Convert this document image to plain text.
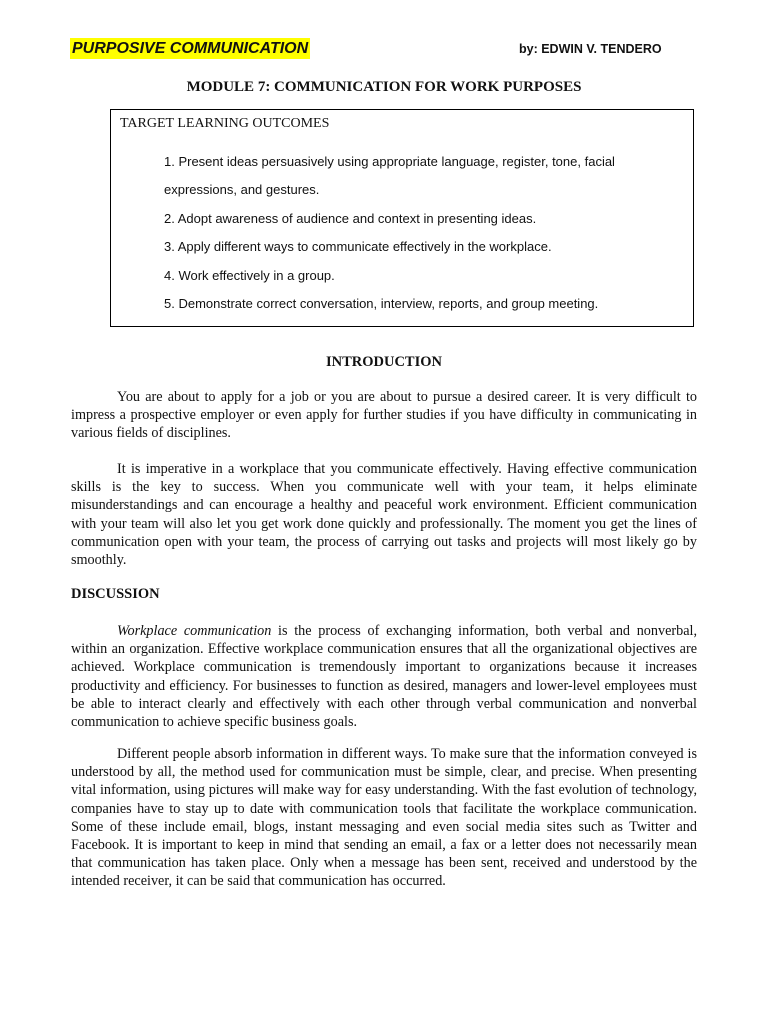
PURPOSIVE COMMUNICATION	by: EDWIN V. TENDERO
MODULE 7: COMMUNICATION FOR WORK PURPOSES
TARGET LEARNING OUTCOMES
1. Present ideas persuasively using appropriate language, register, tone, facial expressions, and gestures.
2. Adopt awareness of audience and context in presenting ideas.
3. Apply different ways to communicate effectively in the workplace.
4. Work effectively in a group.
5. Demonstrate correct conversation, interview, reports, and group meeting.
INTRODUCTION

You are about to apply for a job or you are about to pursue a desired career. It is very difficult to impress a prospective employer or even apply for further studies if you have difficulty in communicating in various fields of disciplines.

It is imperative in a workplace that you communicate effectively. Having effective communication skills is the key to success. When you communicate well with your team, it helps eliminate misunderstandings and can encourage a healthy and peaceful work environment. Efficient communication with your team will also let you get work done quickly and professionally. The moment you get the lines of communication open with your team, the process of carrying out tasks and projects will most likely go by smoothly.

DISCUSSION

Workplace communication is the process of exchanging information, both verbal and nonverbal, within an organization. Effective workplace communication ensures that all the organizational objectives are achieved. Workplace communication is tremendously important to organizations because it increases productivity and efficiency. For businesses to function as desired, managers and lower-level employees must be able to interact clearly and effectively with each other through verbal communication and nonverbal communication to achieve specific business goals.

Different people absorb information in different ways. To make sure that the information conveyed is understood by all, the method used for communication must be simple, clear, and precise. When presenting vital information, using pictures will make way for easy understanding. With the fast evolution of technology, companies have to stay up to date with communication tools that facilitate the workplace communication. Some of these include email, blogs, instant messaging and even social media sites such as Twitter and Facebook. It is important to keep in mind that sending an email, a fax or a letter does not necessarily mean that communication has taken place. Only when a message has been sent, received and understood by the intended receiver, it can be said that communication has occurred.
